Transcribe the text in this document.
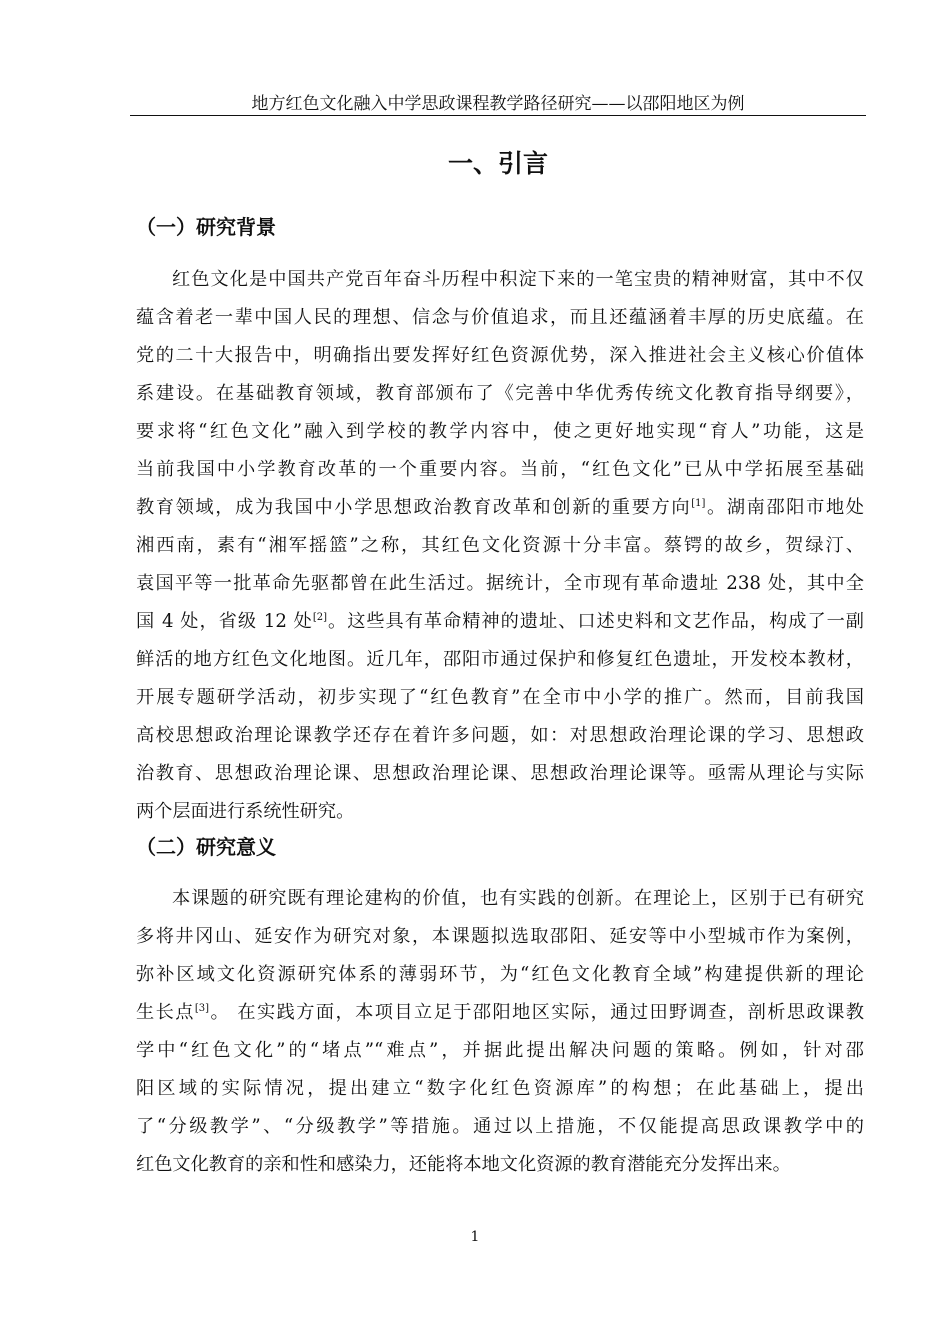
地方红色文化融入中学思政课程教学路径研究——以邵阳地区为例
一、引言
（一）研究背景
红色文化是中国共产党百年奋斗历程中积淀下来的一笔宝贵的精神财富，其中不仅
蕴含着老一辈中国人民的理想、信念与价值追求，而且还蕴涵着丰厚的历史底蕴。在
党的二十大报告中，明确指出要发挥好红色资源优势，深入推进社会主义核心价值体
系建设。在基础教育领域，教育部颁布了《完善中华优秀传统文化教育指导纲要》，
要求将“红色文化”融入到学校的教学内容中，使之更好地实现“育人”功能，这是
当前我国中小学教育改革的一个重要内容。当前，“红色文化”已从中学拓展至基础
教育领域，成为我国中小学思想政治教育改革和创新的重要方向[1]。湖南邵阳市地处
湘西南，素有“湘军摇篮”之称，其红色文化资源十分丰富。蔡锷的故乡，贺绿汀、
袁国平等一批革命先驱都曾在此生活过。据统计，全市现有革命遗址 238 处，其中全
国 4 处，省级 12 处[2]。这些具有革命精神的遗址、口述史料和文艺作品，构成了一副
鲜活的地方红色文化地图。近几年，邵阳市通过保护和修复红色遗址，开发校本教材，
开展专题研学活动，初步实现了“红色教育”在全市中小学的推广。然而，目前我国
高校思想政治理论课教学还存在着许多问题，如：对思想政治理论课的学习、思想政
治教育、思想政治理论课、思想政治理论课、思想政治理论课等。亟需从理论与实际
两个层面进行系统性研究。
（二）研究意义
本课题的研究既有理论建构的价值，也有实践的创新。在理论上，区别于已有研究
多将井冈山、延安作为研究对象，本课题拟选取邵阳、延安等中小型城市作为案例，
弥补区域文化资源研究体系的薄弱环节，为“红色文化教育全域”构建提供新的理论
生长点[3]。 在实践方面，本项目立足于邵阳地区实际，通过田野调查，剖析思政课教
学中“红色文化”的“堵点”“难点”，并据此提出解决问题的策略。例如，针对邵
阳区域的实际情况，提出建立“数字化红色资源库”的构想；在此基础上，提出
了“分级教学”、“分级教学”等措施。通过以上措施，不仅能提高思政课教学中的
红色文化教育的亲和性和感染力，还能将本地文化资源的教育潜能充分发挥出来。
1
